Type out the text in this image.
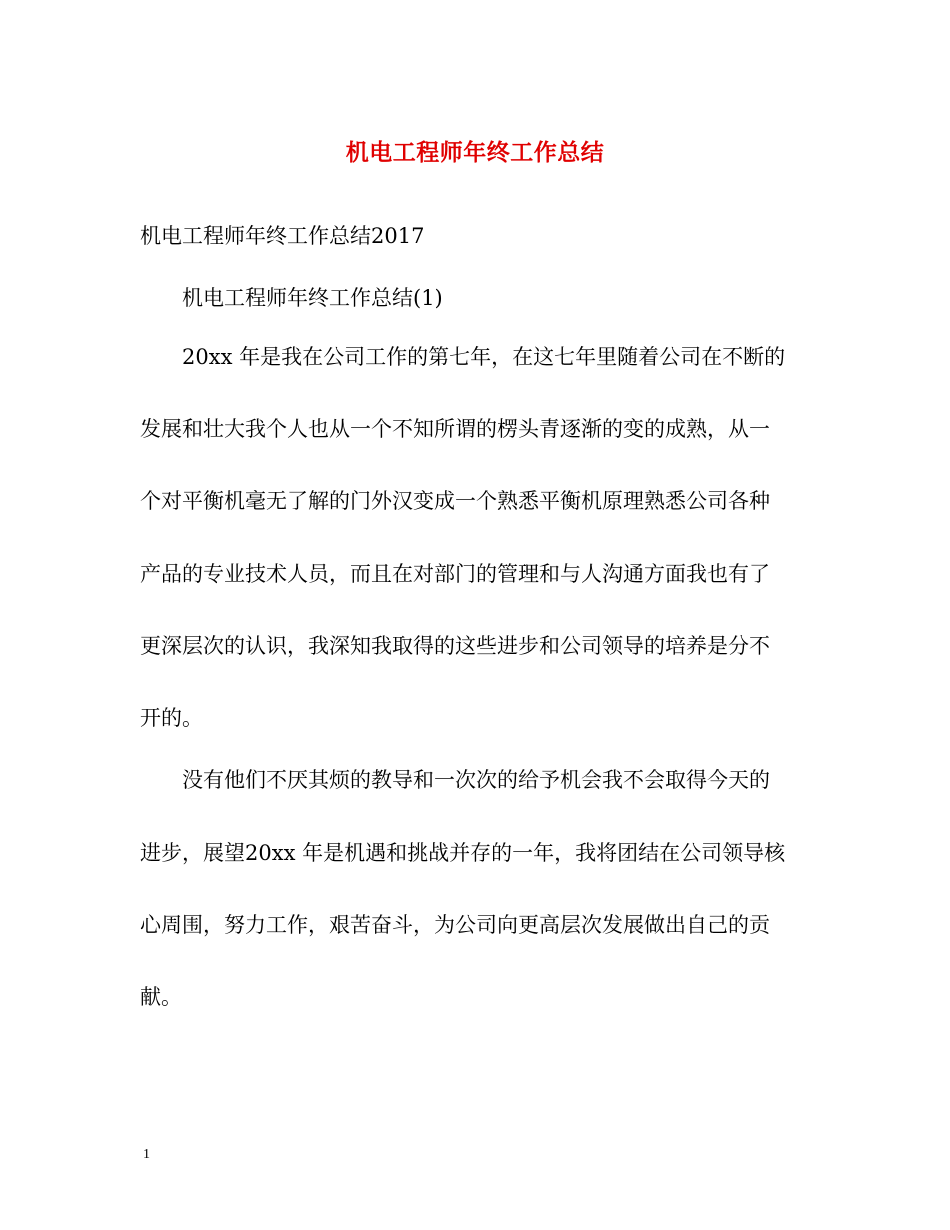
机电工程师年终工作总结

机电工程师年终工作总结2017

机电工程师年终工作总结(1)

20xx 年是我在公司工作的第七年，在这七年里随着公司在不断的

发展和壮大我个人也从一个不知所谓的楞头青逐渐的变的成熟，从一

个对平衡机毫无了解的门外汉变成一个熟悉平衡机原理熟悉公司各种

产品的专业技术人员，而且在对部门的管理和与人沟通方面我也有了

更深层次的认识，我深知我取得的这些进步和公司领导的培养是分不

开的。

没有他们不厌其烦的教导和一次次的给予机会我不会取得今天的

进步，展望20xx 年是机遇和挑战并存的一年，我将团结在公司领导核

心周围，努力工作，艰苦奋斗，为公司向更高层次发展做出自己的贡

献。

1
